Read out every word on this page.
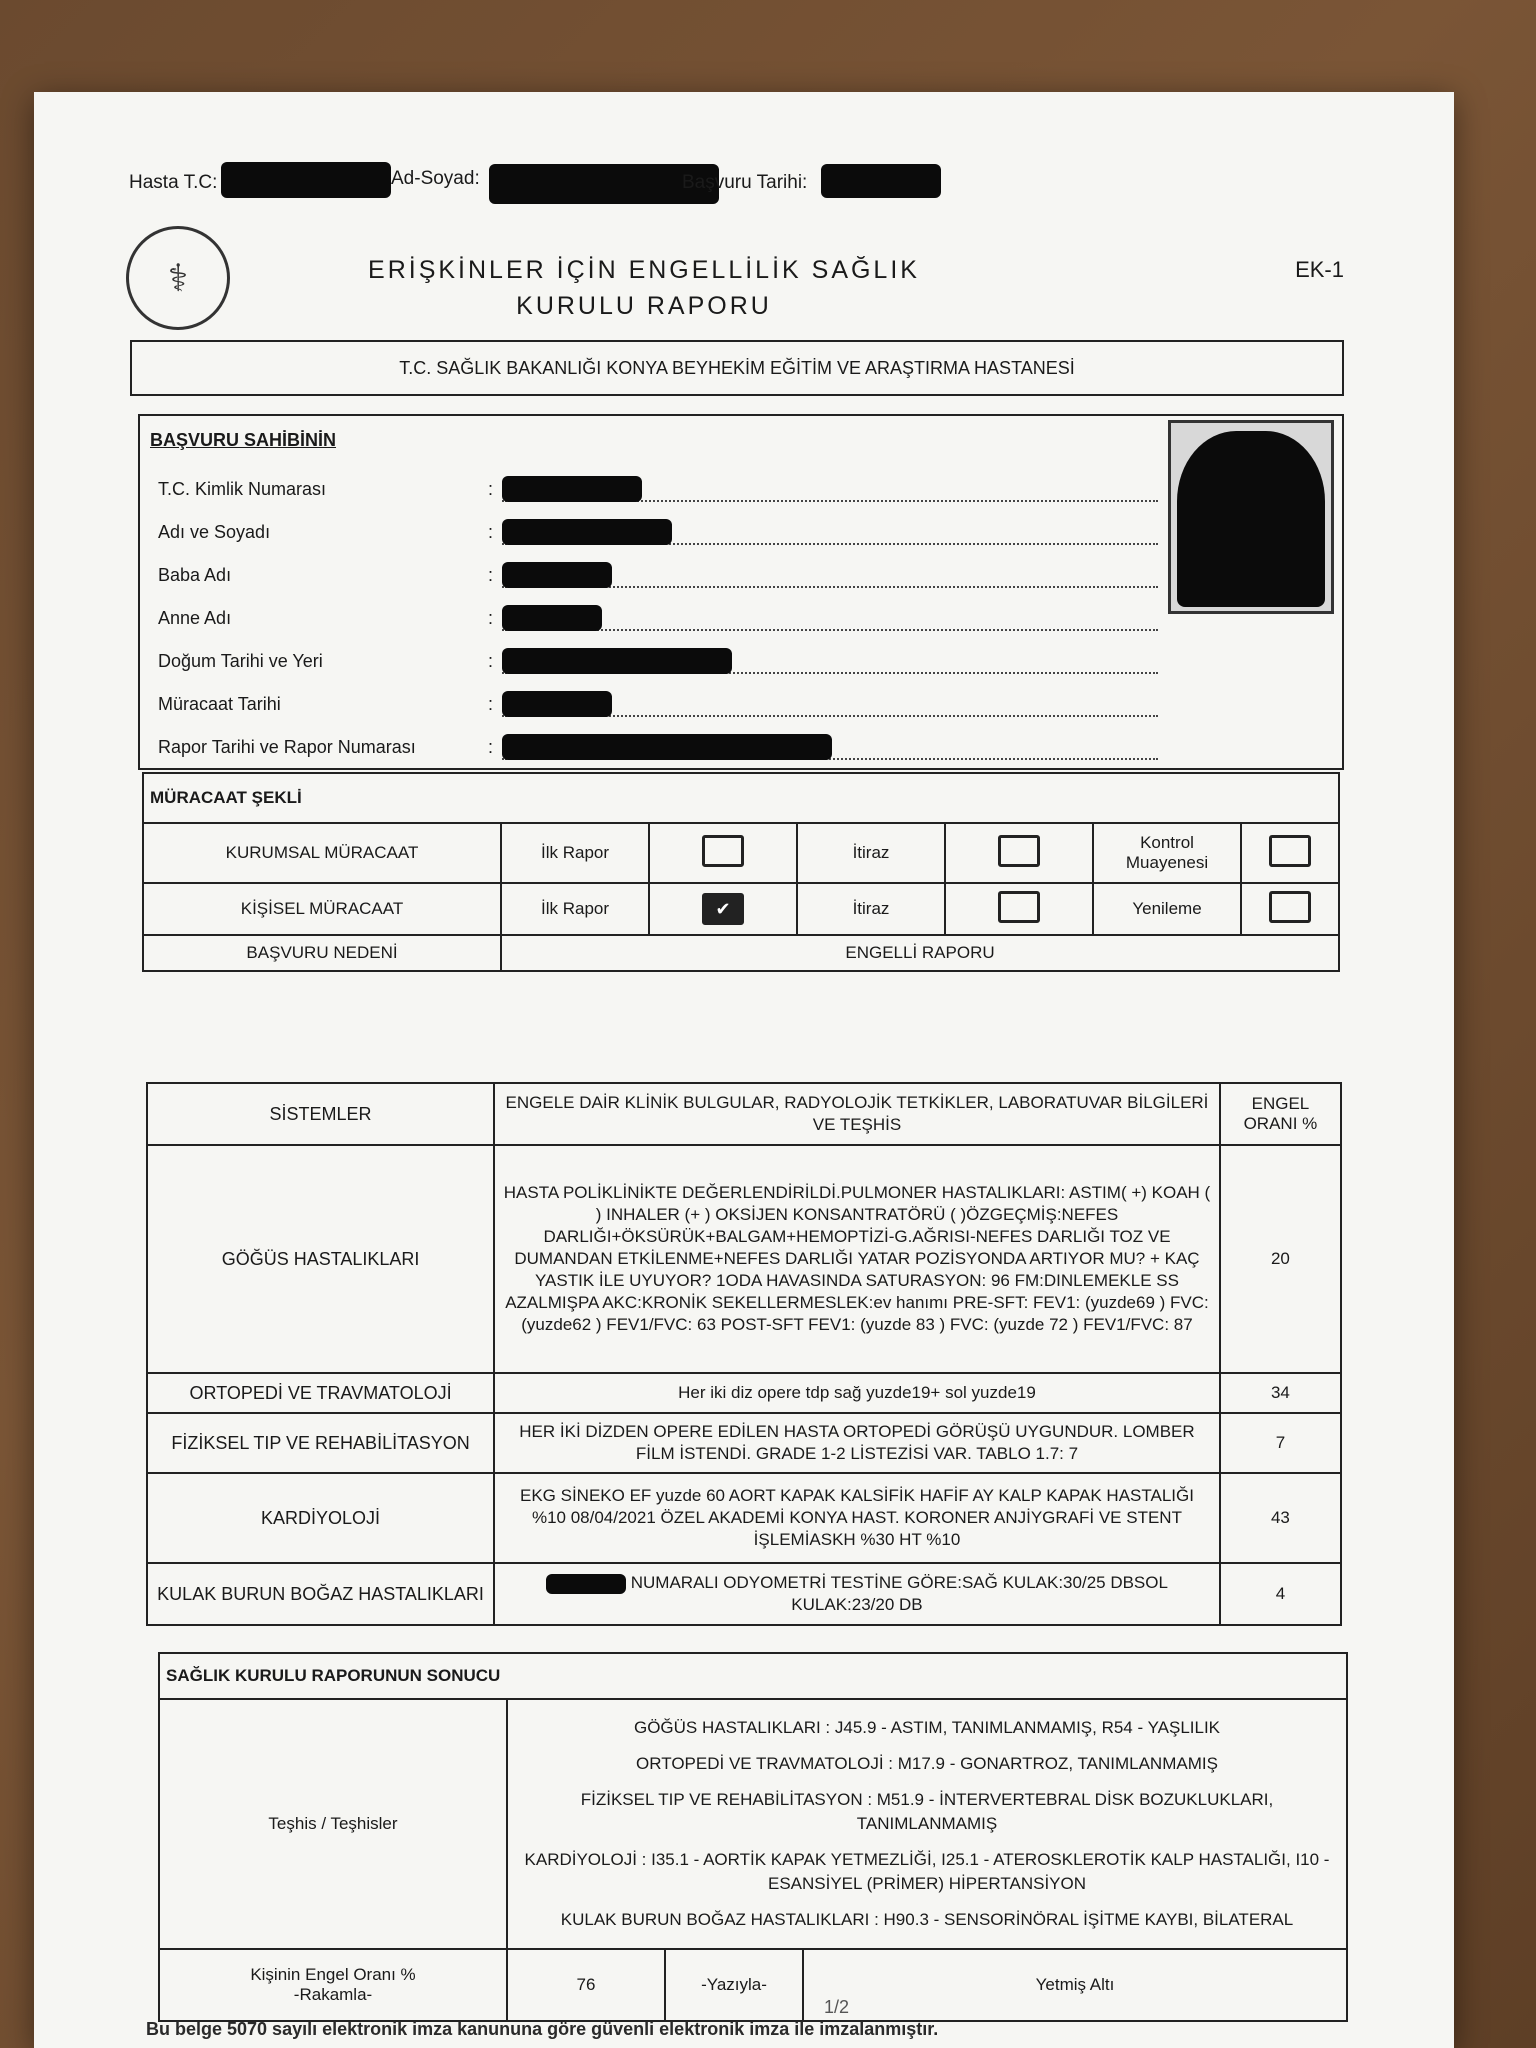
Hasta T.C:	Ad-Soyad:	Başvuru Tarihi:
⚕	ERİŞKİNLER İÇİN ENGELLİLİK SAĞLIK
KURULU RAPORU
EK-1
T.C. SAĞLIK BAKANLIĞI KONYA BEYHEKİM EĞİTİM VE ARAŞTIRMA HASTANESİ
BAŞVURU SAHİBİNİN
T.C. Kimlik Numarası	:
Adı ve Soyadı	:
Baba Adı	:
Anne Adı	:
Doğum Tarihi ve Yeri	:
Müracaat Tarihi	:
Rapor Tarihi ve Rapor Numarası	:
MÜRACAAT ŞEKLİ						
KURUMSAL MÜRACAAT	İlk Rapor		İtiraz		Kontrol
Muayenesi	
KİŞİSEL MÜRACAAT	İlk Rapor	✔	İtiraz		Yenileme	
BAŞVURU NEDENİ	ENGELLİ RAPORU					
SİSTEMLER	ENGELE DAİR KLİNİK BULGULAR, RADYOLOJİK TETKİKLER, LABORATUVAR BİLGİLERİ VE TEŞHİS	ENGEL ORANI %
GÖĞÜS HASTALIKLARI	HASTA POLİKLİNİKTE DEĞERLENDİRİLDİ.PULMONER HASTALIKLARI: ASTIM( +) KOAH ( ) INHALER (+ ) OKSİJEN KONSANTRATÖRÜ ( )ÖZGEÇMİŞ:NEFES DARLIĞI+ÖKSÜRÜK+BALGAM+HEMOPTİZİ-G.AĞRISI-NEFES DARLIĞI TOZ VE DUMANDAN ETKİLENME+NEFES DARLIĞI YATAR POZİSYONDA ARTIYOR MU? + KAÇ YASTIK İLE UYUYOR? 1ODA HAVASINDA SATURASYON: 96 FM:DINLEMEKLE SS AZALMIŞPA AKC:KRONİK SEKELLERMESLEK:ev hanımı PRE-SFT: FEV1: (yuzde69 ) FVC: (yuzde62 ) FEV1/FVC: 63 POST-SFT FEV1: (yuzde 83 ) FVC: (yuzde 72 ) FEV1/FVC: 87	20
ORTOPEDİ VE TRAVMATOLOJİ	Her iki diz opere tdp sağ yuzde19+ sol yuzde19	34
FİZİKSEL TIP VE REHABİLİTASYON	HER İKİ DİZDEN OPERE EDİLEN HASTA ORTOPEDİ GÖRÜŞÜ UYGUNDUR. LOMBER FİLM İSTENDİ. GRADE 1-2 LİSTEZİSİ VAR. TABLO 1.7: 7	7
KARDİYOLOJİ	EKG SİNEKO EF yuzde 60 AORT KAPAK KALSİFİK HAFİF AY KALP KAPAK HASTALIĞI %10 08/04/2021 ÖZEL AKADEMİ KONYA HAST. KORONER ANJİYGRAFİ VE STENT İŞLEMİASKH %30 HT %10	43
KULAK BURUN BOĞAZ HASTALIKLARI	NUMARALI ODYOMETRİ TESTİNE GÖRE:SAĞ KULAK:30/25 DBSOL KULAK:23/20 DB	4
SAĞLIK KURULU RAPORUNUN SONUCU			
Teşhis / Teşhisler	GÖĞÜS HASTALIKLARI : J45.9 - ASTIM, TANIMLANMAMIŞ, R54 - YAŞLILIK

ORTOPEDİ VE TRAVMATOLOJİ : M17.9 - GONARTROZ, TANIMLANMAMIŞ

FİZİKSEL TIP VE REHABİLİTASYON : M51.9 - İNTERVERTEBRAL DİSK BOZUKLUKLARI, TANIMLANMAMIŞ

KARDİYOLOJİ : I35.1 - AORTİK KAPAK YETMEZLİĞİ, I25.1 - ATEROSKLEROTİK KALP HASTALIĞI, I10 - ESANSİYEL (PRİMER) HİPERTANSİYON

KULAK BURUN BOĞAZ HASTALIKLARI : H90.3 - SENSORİNÖRAL İŞİTME KAYBI, BİLATERAL		

Kişinin Engel Oranı %
-Rakamla-	76	-Yazıyla-	Yetmiş Altı
1/2
Bu belge 5070 sayılı elektronik imza kanununa göre güvenli elektronik imza ile imzalanmıştır.
